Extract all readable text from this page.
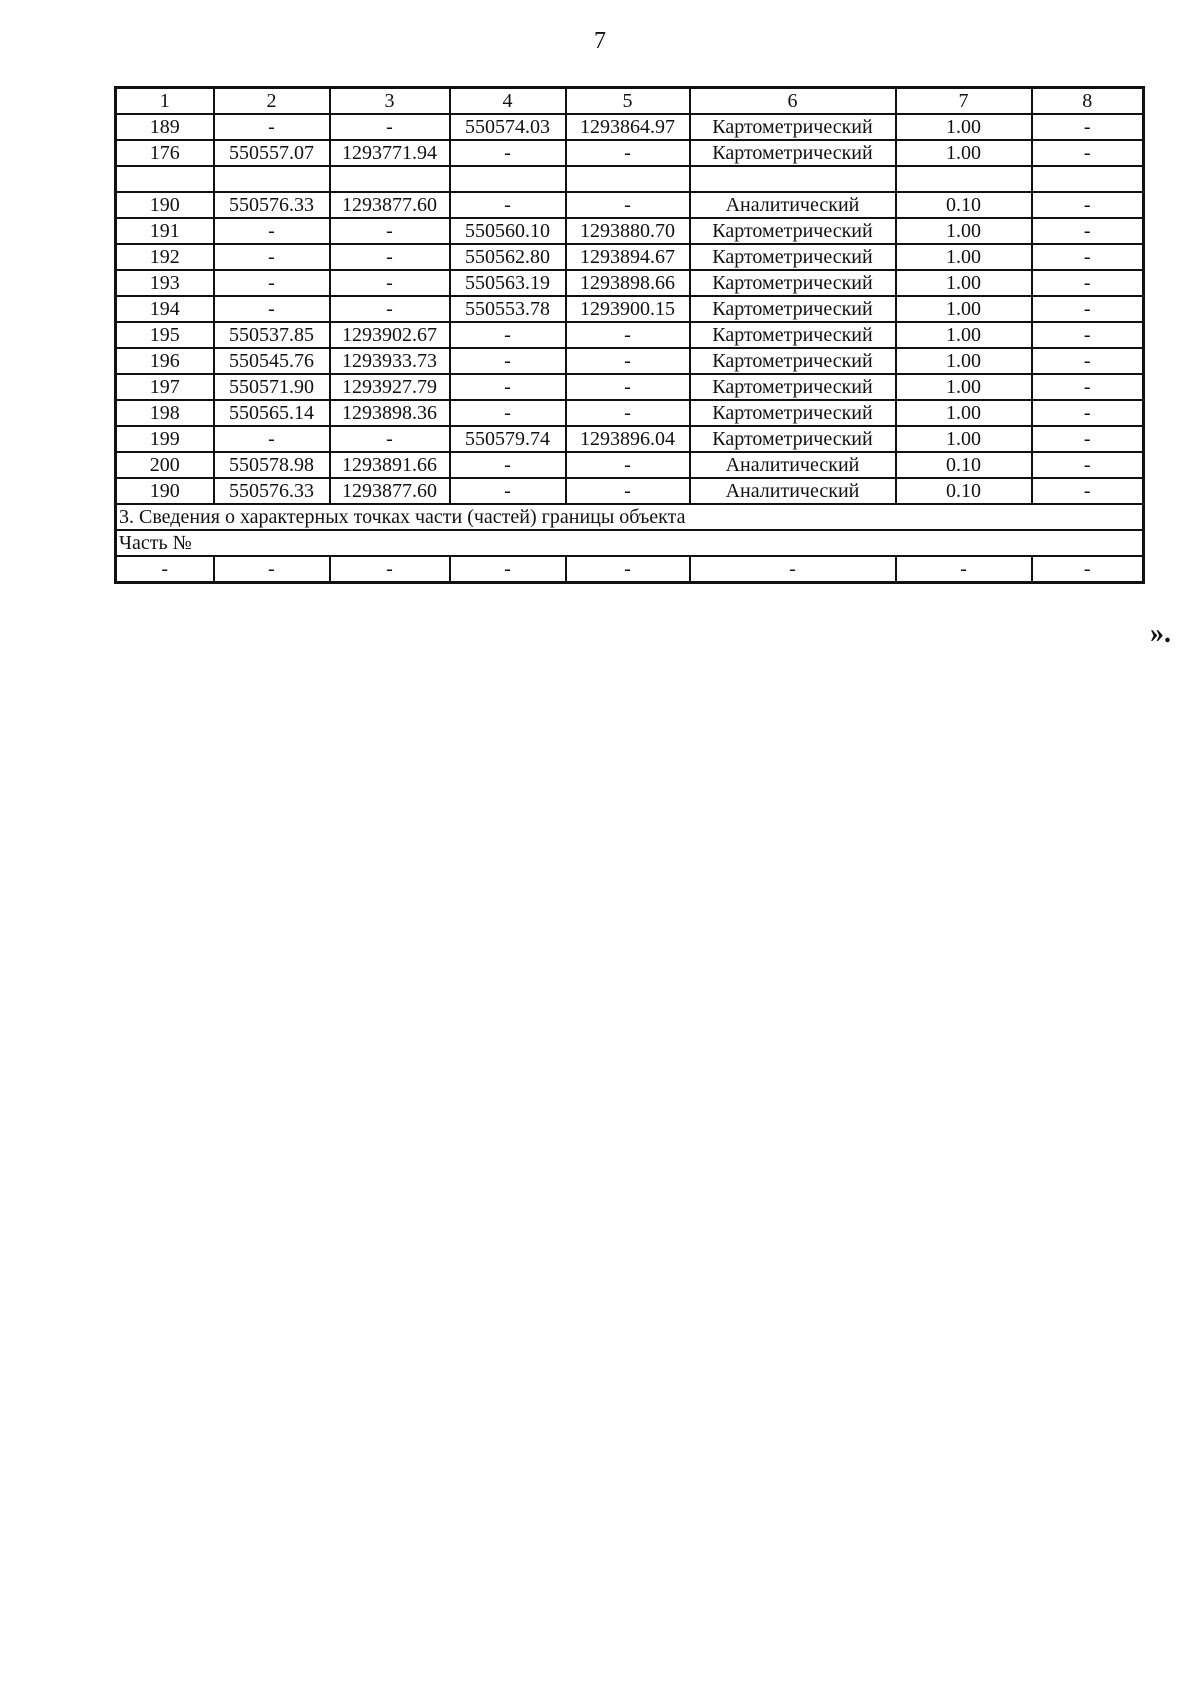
7
1	2	3	4	5	6	7	8
189	-	-	550574.03	1293864.97	Картометрический	1.00	-
176	550557.07	1293771.94	-	-	Картометрический	1.00	-

190	550576.33	1293877.60	-	-	Аналитический	0.10	-
191	-	-	550560.10	1293880.70	Картометрический	1.00	-
192	-	-	550562.80	1293894.67	Картометрический	1.00	-
193	-	-	550563.19	1293898.66	Картометрический	1.00	-
194	-	-	550553.78	1293900.15	Картометрический	1.00	-
195	550537.85	1293902.67	-	-	Картометрический	1.00	-
196	550545.76	1293933.73	-	-	Картометрический	1.00	-
197	550571.90	1293927.79	-	-	Картометрический	1.00	-
198	550565.14	1293898.36	-	-	Картометрический	1.00	-
199	-	-	550579.74	1293896.04	Картометрический	1.00	-
200	550578.98	1293891.66	-	-	Аналитический	0.10	-
190	550576.33	1293877.60	-	-	Аналитический	0.10	-
3. Сведения о характерных точках части (частей) границы объекта							
Часть №							
-	-	-	-	-	-	-	-
».
